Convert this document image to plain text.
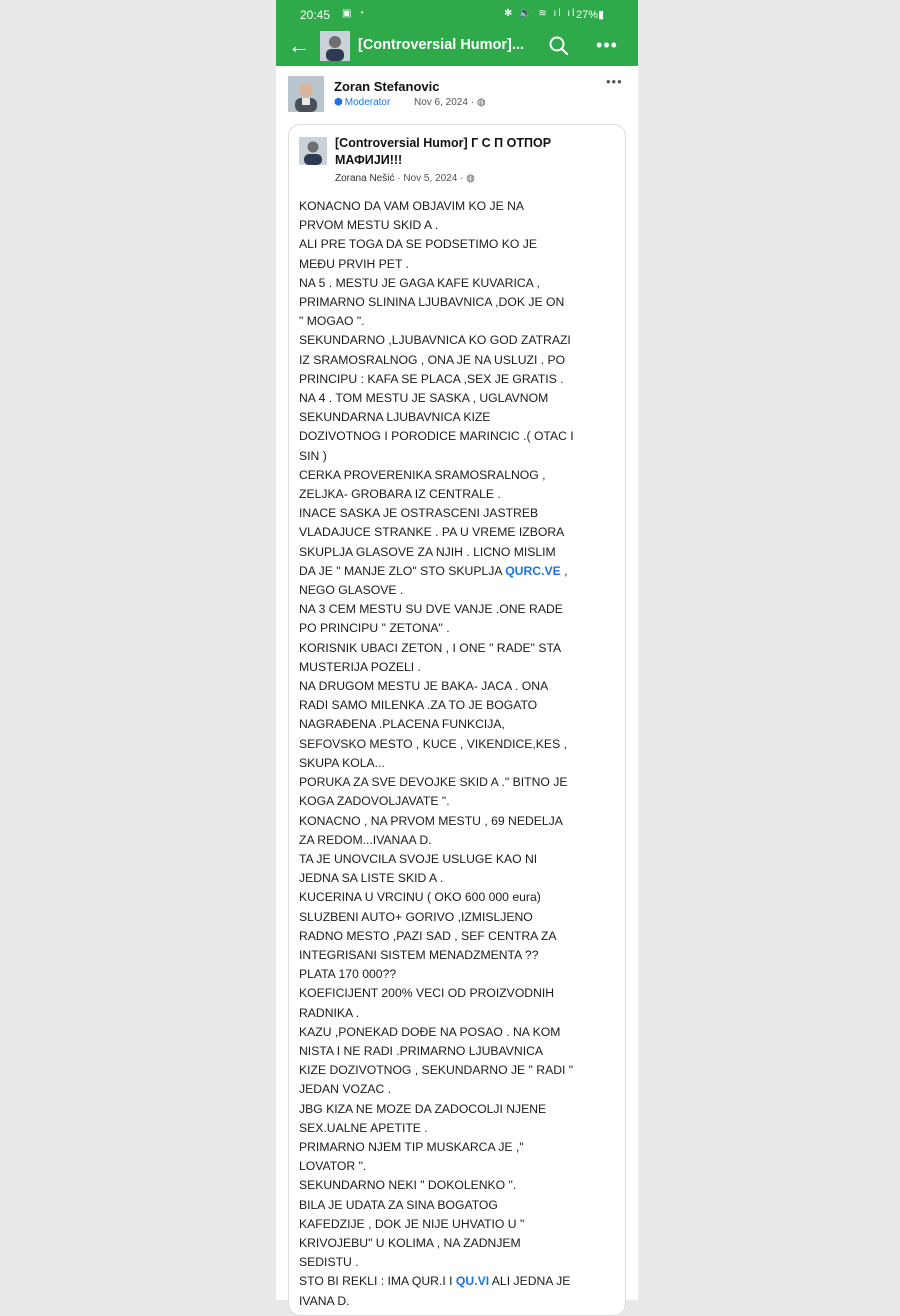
20:45 ▣ ◔	✱ 🔈 ≋ ıl ıl 27%▮
←	[Controversial Humor]...	•••
Zoran Stefanovic
⬢ Moderator Nov 6, 2024 · ◍
•••
[Controversial Humor] Г С П ОТПОР
МАФИЈИ!!!
Zorana Nešić · Nov 5, 2024 · ◍
KONACNO DA VAM OBJAVIM KO JE NA
PRVOM MESTU SKID A .
ALI PRE TOGA DA SE PODSETIMO KO JE
MEĐU PRVIH PET .
NA 5 . MESTU JE GAGA KAFE KUVARICA ,
PRIMARNO SLININA LJUBAVNICA ,DOK JE ON
" MOGAO ".
SEKUNDARNO ,LJUBAVNICA KO GOD ZATRAZI
IZ SRAMOSRALNOG , ONA JE NA USLUZI . PO
PRINCIPU : KAFA SE PLACA ,SEX JE GRATIS .
NA 4 . TOM MESTU JE SASKA , UGLAVNOM
SEKUNDARNA LJUBAVNICA KIZE
DOZIVOTNOG I PORODICE MARINCIC .( OTAC I
SIN )
CERKA PROVERENIKA SRAMOSRALNOG ,
ZELJKA- GROBARA IZ CENTRALE .
INACE SASKA JE OSTRASCENI JASTREB
VLADAJUCE STRANKE . PA U VREME IZBORA
SKUPLJA GLASOVE ZA NJIH . LICNO MISLIM
DA JE " MANJE ZLO" STO SKUPLJA QURC.VE ,
NEGO GLASOVE .
NA 3 CEM MESTU SU DVE VANJE .ONE RADE
PO PRINCIPU " ZETONA" .
KORISNIK UBACI ZETON , I ONE " RADE" STA
MUSTERIJA POZELI .
NA DRUGOM MESTU JE BAKA- JACA . ONA
RADI SAMO MILENKA .ZA TO JE BOGATO
NAGRAĐENA .PLACENA FUNKCIJA,
SEFOVSKO MESTO , KUCE , VIKENDICE,KES ,
SKUPA KOLA...
PORUKA ZA SVE DEVOJKE SKID A ." BITNO JE
KOGA ZADOVOLJAVATE ".
KONACNO , NA PRVOM MESTU , 69 NEDELJA
ZA REDOM...IVANAA D.
TA JE UNOVCILA SVOJE USLUGE KAO NI
JEDNA SA LISTE SKID A .
KUCERINA U VRCINU ( OKO 600 000 eura)
SLUZBENI AUTO+ GORIVO ,IZMISLJENO
RADNO MESTO ,PAZI SAD , SEF CENTRA ZA
INTEGRISANI SISTEM MENADZMENTA ??
PLATA 170 000??
KOEFICIJENT 200% VECI OD PROIZVODNIH
RADNIKA .
KAZU ,PONEKAD DOĐE NA POSAO . NA KOM
NISTA I NE RADI .PRIMARNO LJUBAVNICA
KIZE DOZIVOTNOG , SEKUNDARNO JE " RADI "
JEDAN VOZAC .
JBG KIZA NE MOZE DA ZADOCOLJI NJENE
SEX.UALNE APETITE .
PRIMARNO NJEM TIP MUSKARCA JE ,"
LOVATOR ".
SEKUNDARNO NEKI " DOKOLENKO ".
BILA JE UDATA ZA SINA BOGATOG
KAFEDZIJE , DOK JE NIJE UHVATIO U "
KRIVOJEBU" U KOLIMA , NA ZADNJEM
SEDISTU .
STO BI REKLI : IMA QUR.I I QU.VI ALI JEDNA JE
IVANA D.
